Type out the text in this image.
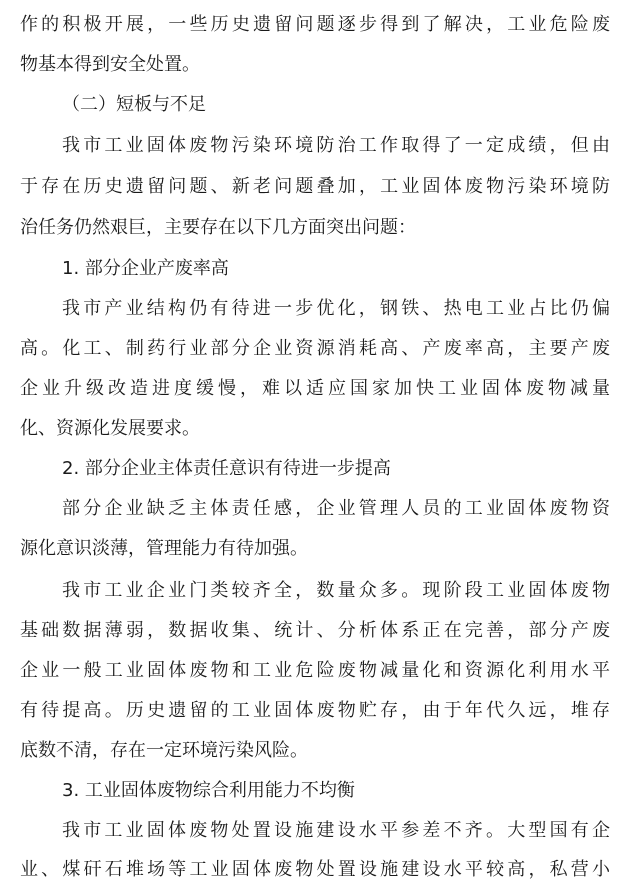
作的积极开展，一些历史遗留问题逐步得到了解决，工业危险废
物基本得到安全处置。
（二）短板与不足
我市工业固体废物污染环境防治工作取得了一定成绩，但由
于存在历史遗留问题、新老问题叠加，工业固体废物污染环境防
治任务仍然艰巨，主要存在以下几方面突出问题：
1. 部分企业产废率高
我市产业结构仍有待进一步优化，钢铁、热电工业占比仍偏
高。化工、制药行业部分企业资源消耗高、产废率高，主要产废
企业升级改造进度缓慢，难以适应国家加快工业固体废物减量
化、资源化发展要求。
2. 部分企业主体责任意识有待进一步提高
部分企业缺乏主体责任感，企业管理人员的工业固体废物资
源化意识淡薄，管理能力有待加强。
我市工业企业门类较齐全，数量众多。现阶段工业固体废物
基础数据薄弱，数据收集、统计、分析体系正在完善，部分产废
企业一般工业固体废物和工业危险废物减量化和资源化利用水平
有待提高。历史遗留的工业固体废物贮存，由于年代久远，堆存
底数不清，存在一定环境污染风险。
3. 工业固体废物综合利用能力不均衡
我市工业固体废物处置设施建设水平参差不齐。大型国有企
业、煤矸石堆场等工业固体废物处置设施建设水平较高，私营小
